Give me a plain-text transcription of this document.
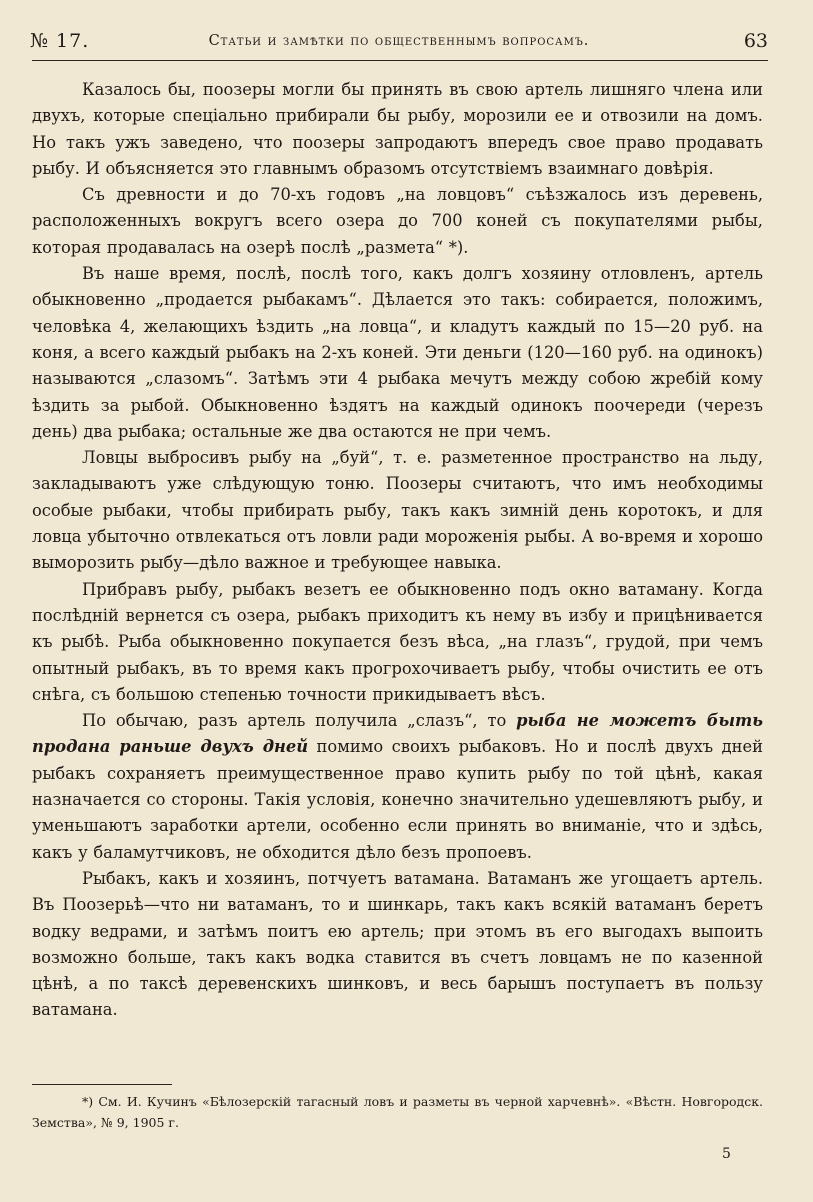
№ 17.	Статьи и замѣтки по общественнымъ вопросамъ.	63

Казалось бы, поозеры могли бы принять въ свою артель лишняго члена или двухъ, которые спеціально прибирали бы рыбу, морозили ее и отвозили на домъ. Но такъ ужъ заведено, что поозеры запродаютъ впередъ свое право продавать рыбу. И объясняется это главнымъ образомъ отсутствіемъ взаимнаго довѣрія.

Съ древности и до 70-хъ годовъ „на ловцовъ“ съѣзжалось изъ деревень, расположенныхъ вокругъ всего озера до 700 коней съ покупателями рыбы, которая продавалась на озерѣ послѣ „размета“ *).

Въ наше время, послѣ, послѣ того, какъ долгъ хозяину отловленъ, артель обыкновенно „продается рыбакамъ“. Дѣлается это такъ: собирается, положимъ, человѣка 4, желающихъ ѣздить „на ловца“, и кладутъ каждый по 15—20 руб. на коня, а всего каждый рыбакъ на 2-хъ коней. Эти деньги (120—160 руб. на одинокъ) называются „слазомъ“. Затѣмъ эти 4 рыбака мечутъ между собою жребій кому ѣздить за рыбой. Обыкновенно ѣздятъ на каждый одинокъ поочереди (черезъ день) два рыбака; остальные же два остаются не при чемъ.

Ловцы выбросивъ рыбу на „буй“, т. е. разметенное пространство на льду, закладываютъ уже слѣдующую тоню. Поозеры считаютъ, что имъ необходимы особые рыбаки, чтобы прибирать рыбу, такъ какъ зимній день коротокъ, и для ловца убыточно отвлекаться отъ ловли ради мороженія рыбы. А во-время и хорошо выморозить рыбу—дѣло важное и требующее навыка.

Прибравъ рыбу, рыбакъ везетъ ее обыкновенно подъ окно ватаману. Когда послѣдній вернется съ озера, рыбакъ приходитъ къ нему въ избу и прицѣнивается къ рыбѣ. Рыба обыкновенно покупается безъ вѣса, „на глазъ“, грудой, при чемъ опытный рыбакъ, въ то время какъ прогрохочиваетъ рыбу, чтобы очистить ее отъ снѣга, съ большою степенью точности прикидываетъ вѣсъ.

По обычаю, разъ артель получила „слазъ“, то рыба не можетъ быть продана раньше двухъ дней помимо своихъ рыбаковъ. Но и послѣ двухъ дней рыбакъ сохраняетъ преимущественное право купить рыбу по той цѣнѣ, какая назначается со стороны. Такія условія, конечно значительно удешевляютъ рыбу, и уменьшаютъ заработки артели, особенно если принять во вниманіе, что и здѣсь, какъ у баламутчиковъ, не обходится дѣло безъ пропоевъ.

Рыбакъ, какъ и хозяинъ, потчуетъ ватамана. Ватаманъ же угощаетъ артель. Въ Поозерьѣ—что ни ватаманъ, то и шинкарь, такъ какъ всякій ватаманъ беретъ водку ведрами, и затѣмъ поитъ ею артель; при этомъ въ его выгодахъ выпоить возможно больше, такъ какъ водка ставится въ счетъ ловцамъ не по казенной цѣнѣ, а по таксѣ деревенскихъ шинковъ, и весь барышъ поступаетъ въ пользу ватамана.

*) См. И. Кучинъ «Бѣлозерскій тагасный ловъ и разметы въ черной харчевнѣ». «Вѣстн. Новгородск. Земства», № 9, 1905 г.

5
